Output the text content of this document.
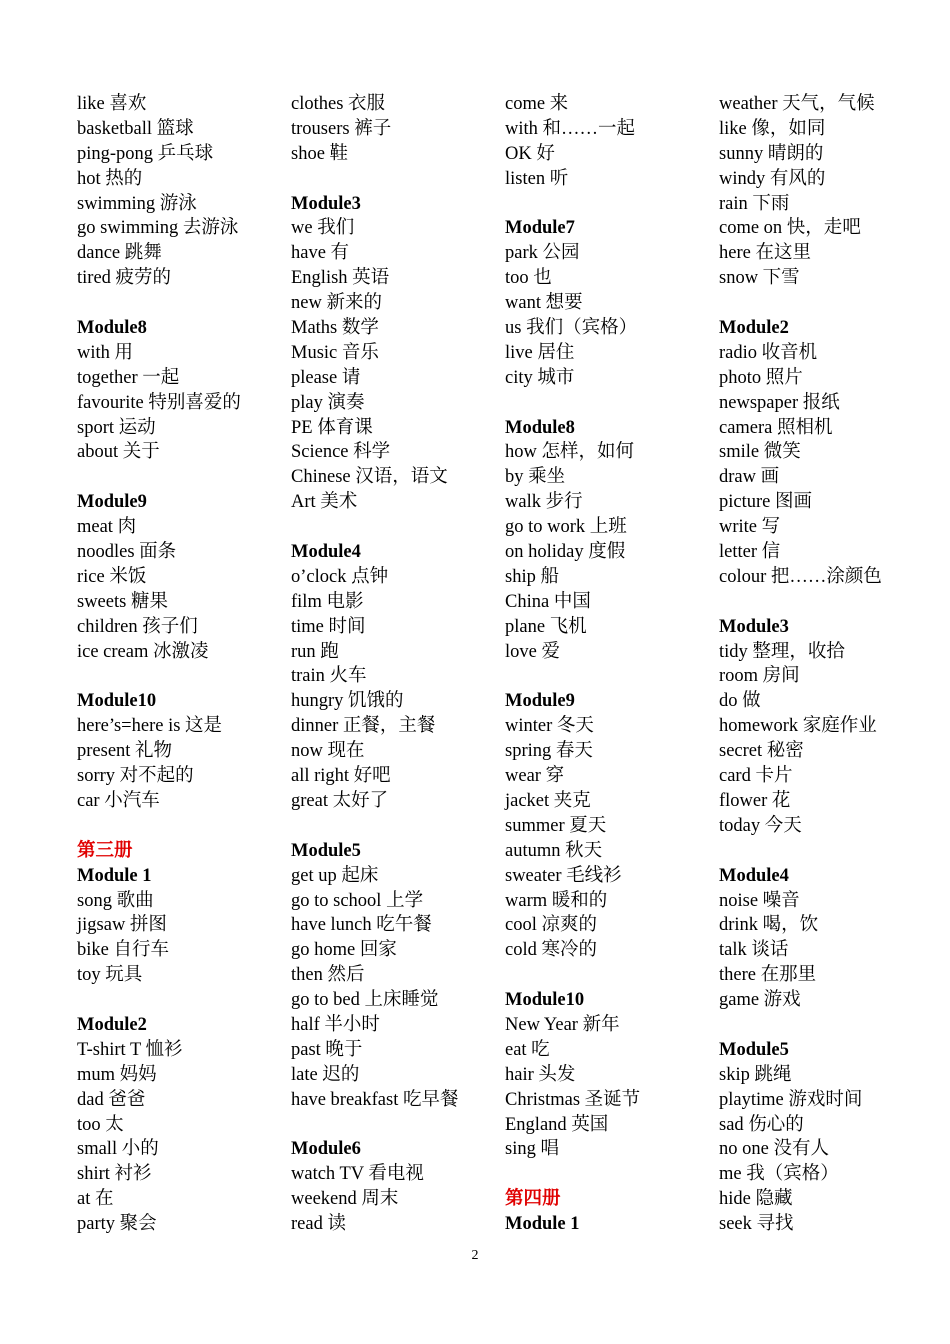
like 喜欢
basketball 篮球
ping-pong 乒乓球
hot 热的
swimming 游泳
go swimming 去游泳
dance 跳舞
tired 疲劳的
Module8
with 用
together 一起
favourite 特别喜爱的
sport 运动
about 关于
Module9
meat 肉
noodles 面条
rice 米饭
sweets 糖果
children 孩子们
ice cream 冰激凌
Module10
here’s=here is 这是
present 礼物
sorry 对不起的
car 小汽车
第三册
Module 1
song 歌曲
jigsaw 拼图
bike 自行车
toy 玩具
Module2
T-shirt T 恤衫
mum 妈妈
dad 爸爸
too 太
small 小的
shirt 衬衫
at 在
party 聚会
clothes 衣服
trousers 裤子
shoe 鞋
Module3
we 我们
have 有
English 英语
new 新来的
Maths 数学
Music 音乐
please 请
play 演奏
PE 体育课
Science 科学
Chinese 汉语，语文
Art 美术
Module4
o’clock 点钟
film 电影
time 时间
run 跑
train 火车
hungry 饥饿的
dinner 正餐，主餐
now 现在
all right 好吧
great 太好了
Module5
get up 起床
go to school 上学
have lunch 吃午餐
go home 回家
then 然后
go to bed 上床睡觉
half 半小时
past 晚于
late 迟的
have breakfast 吃早餐
Module6
watch TV 看电视
weekend 周末
read 读
come 来
with 和……一起
OK 好
listen 听
Module7
park 公园
too 也
want 想要
us 我们（宾格）
live 居住
city 城市
Module8
how 怎样，如何
by 乘坐
walk 步行
go to work 上班
on holiday 度假
ship 船
China 中国
plane 飞机
love 爱
Module9
winter 冬天
spring 春天
wear 穿
jacket 夹克
summer 夏天
autumn 秋天
sweater 毛线衫
warm 暖和的
cool 凉爽的
cold 寒冷的
Module10
New Year 新年
eat 吃
hair 头发
Christmas 圣诞节
England 英国
sing 唱
第四册
Module 1
weather 天气，气候
like 像，如同
sunny 晴朗的
windy 有风的
rain 下雨
come on 快，走吧
here 在这里
snow 下雪
Module2
radio 收音机
photo 照片
newspaper 报纸
camera 照相机
smile 微笑
draw 画
picture 图画
write 写
letter 信
colour 把……涂颜色
Module3
tidy 整理，收拾
room 房间
do 做
homework 家庭作业
secret 秘密
card 卡片
flower 花
today 今天
Module4
noise 噪音
drink 喝，饮
talk 谈话
there 在那里
game 游戏
Module5
skip 跳绳
playtime 游戏时间
sad 伤心的
no one 没有人
me 我（宾格）
hide 隐藏
seek 寻找
2
